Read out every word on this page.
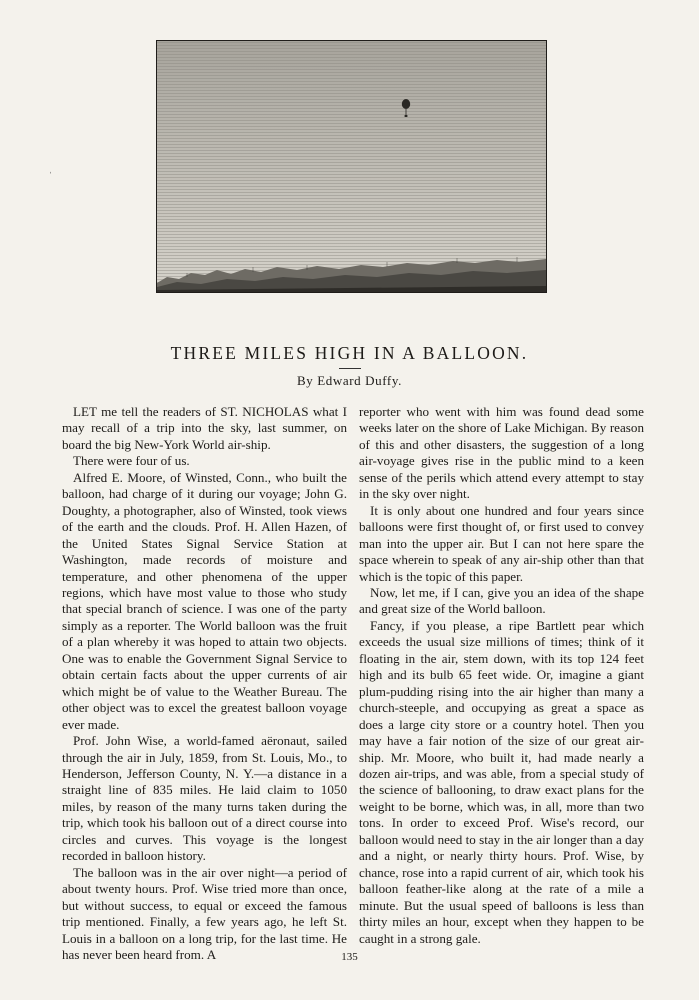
ˈ
THREE MILES HIGH IN A BALLOON.
By Edward Duffy.

LET me tell the readers of ST. NICHOLAS what I may recall of a trip into the sky, last summer, on board the big New-York World air-ship.

There were four of us.

Alfred E. Moore, of Winsted, Conn., who built the balloon, had charge of it during our voyage; John G. Doughty, a photographer, also of Winsted, took views of the earth and the clouds. Prof. H. Allen Hazen, of the United States Signal Service Station at Washington, made records of moisture and temperature, and other phenomena of the upper regions, which have most value to those who study that special branch of science. I was one of the party simply as a reporter. The World balloon was the fruit of a plan whereby it was hoped to attain two objects. One was to enable the Government Signal Service to obtain certain facts about the upper currents of air which might be of value to the Weather Bureau. The other object was to excel the greatest balloon voyage ever made.

Prof. John Wise, a world-famed aëronaut, sailed through the air in July, 1859, from St. Louis, Mo., to Henderson, Jefferson County, N. Y.—a distance in a straight line of 835 miles. He laid claim to 1050 miles, by reason of the many turns taken during the trip, which took his balloon out of a direct course into circles and curves. This voyage is the longest recorded in balloon history.

The balloon was in the air over night—a period of about twenty hours. Prof. Wise tried more than once, but without success, to equal or exceed the famous trip mentioned. Finally, a few years ago, he left St. Louis in a balloon on a long trip, for the last time. He has never been heard from. A

reporter who went with him was found dead some weeks later on the shore of Lake Michigan. By reason of this and other disasters, the suggestion of a long air-voyage gives rise in the public mind to a keen sense of the perils which attend every attempt to stay in the sky over night.

It is only about one hundred and four years since balloons were first thought of, or first used to convey man into the upper air. But I can not here spare the space wherein to speak of any air-ship other than that which is the topic of this paper.

Now, let me, if I can, give you an idea of the shape and great size of the World balloon.

Fancy, if you please, a ripe Bartlett pear which exceeds the usual size millions of times; think of it floating in the air, stem down, with its top 124 feet high and its bulb 65 feet wide. Or, imagine a giant plum-pudding rising into the air higher than many a church-steeple, and occupying as great a space as does a large city store or a country hotel. Then you may have a fair notion of the size of our great air-ship. Mr. Moore, who built it, had made nearly a dozen air-trips, and was able, from a special study of the science of ballooning, to draw exact plans for the weight to be borne, which was, in all, more than two tons. In order to exceed Prof. Wise's record, our balloon would need to stay in the air longer than a day and a night, or nearly thirty hours. Prof. Wise, by chance, rose into a rapid current of air, which took his balloon feather-like along at the rate of a mile a minute. But the usual speed of balloons is less than thirty miles an hour, except when they happen to be caught in a strong gale.

135
